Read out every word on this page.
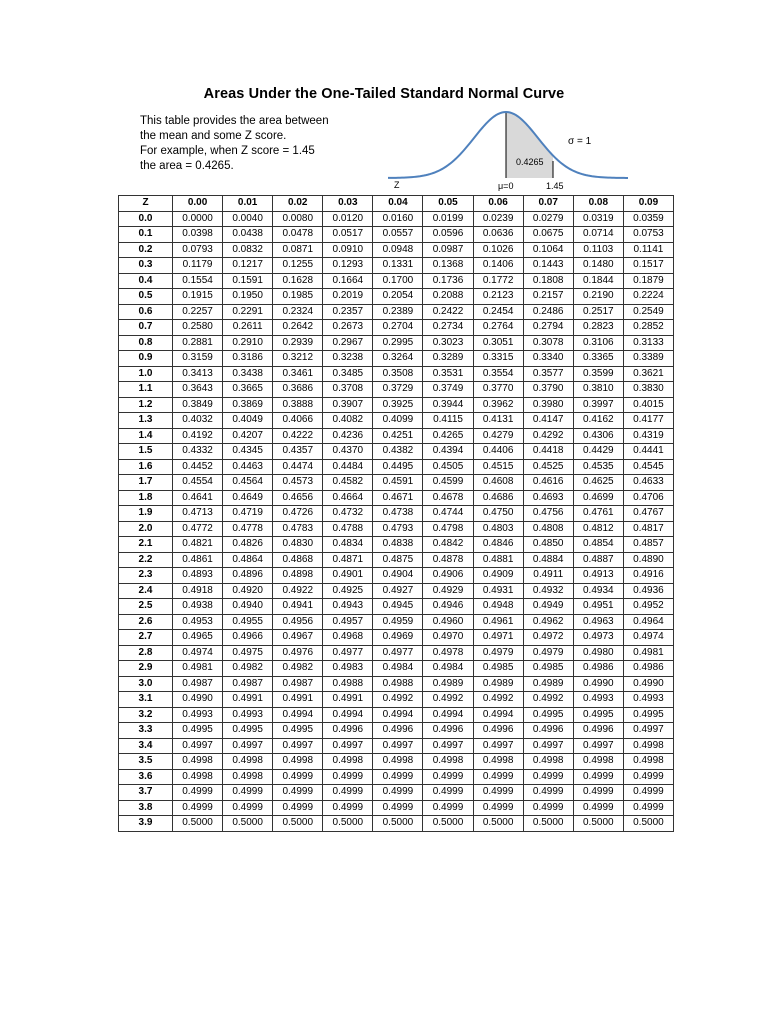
Areas Under the One-Tailed Standard Normal Curve
This table provides the area between
the mean and some Z score.
For example, when Z score = 1.45
the area = 0.4265.	0.4265
σ = 1
Z	μ=0	1.45
Z	0.00	0.01	0.02	0.03	0.04	0.05	0.06	0.07	0.08	0.09
0.0	0.0000	0.0040	0.0080	0.0120	0.0160	0.0199	0.0239	0.0279	0.0319	0.0359
0.1	0.0398	0.0438	0.0478	0.0517	0.0557	0.0596	0.0636	0.0675	0.0714	0.0753
0.2	0.0793	0.0832	0.0871	0.0910	0.0948	0.0987	0.1026	0.1064	0.1103	0.1141
0.3	0.1179	0.1217	0.1255	0.1293	0.1331	0.1368	0.1406	0.1443	0.1480	0.1517
0.4	0.1554	0.1591	0.1628	0.1664	0.1700	0.1736	0.1772	0.1808	0.1844	0.1879
0.5	0.1915	0.1950	0.1985	0.2019	0.2054	0.2088	0.2123	0.2157	0.2190	0.2224
0.6	0.2257	0.2291	0.2324	0.2357	0.2389	0.2422	0.2454	0.2486	0.2517	0.2549
0.7	0.2580	0.2611	0.2642	0.2673	0.2704	0.2734	0.2764	0.2794	0.2823	0.2852
0.8	0.2881	0.2910	0.2939	0.2967	0.2995	0.3023	0.3051	0.3078	0.3106	0.3133
0.9	0.3159	0.3186	0.3212	0.3238	0.3264	0.3289	0.3315	0.3340	0.3365	0.3389
1.0	0.3413	0.3438	0.3461	0.3485	0.3508	0.3531	0.3554	0.3577	0.3599	0.3621
1.1	0.3643	0.3665	0.3686	0.3708	0.3729	0.3749	0.3770	0.3790	0.3810	0.3830
1.2	0.3849	0.3869	0.3888	0.3907	0.3925	0.3944	0.3962	0.3980	0.3997	0.4015
1.3	0.4032	0.4049	0.4066	0.4082	0.4099	0.4115	0.4131	0.4147	0.4162	0.4177
1.4	0.4192	0.4207	0.4222	0.4236	0.4251	0.4265	0.4279	0.4292	0.4306	0.4319
1.5	0.4332	0.4345	0.4357	0.4370	0.4382	0.4394	0.4406	0.4418	0.4429	0.4441
1.6	0.4452	0.4463	0.4474	0.4484	0.4495	0.4505	0.4515	0.4525	0.4535	0.4545
1.7	0.4554	0.4564	0.4573	0.4582	0.4591	0.4599	0.4608	0.4616	0.4625	0.4633
1.8	0.4641	0.4649	0.4656	0.4664	0.4671	0.4678	0.4686	0.4693	0.4699	0.4706
1.9	0.4713	0.4719	0.4726	0.4732	0.4738	0.4744	0.4750	0.4756	0.4761	0.4767
2.0	0.4772	0.4778	0.4783	0.4788	0.4793	0.4798	0.4803	0.4808	0.4812	0.4817
2.1	0.4821	0.4826	0.4830	0.4834	0.4838	0.4842	0.4846	0.4850	0.4854	0.4857
2.2	0.4861	0.4864	0.4868	0.4871	0.4875	0.4878	0.4881	0.4884	0.4887	0.4890
2.3	0.4893	0.4896	0.4898	0.4901	0.4904	0.4906	0.4909	0.4911	0.4913	0.4916
2.4	0.4918	0.4920	0.4922	0.4925	0.4927	0.4929	0.4931	0.4932	0.4934	0.4936
2.5	0.4938	0.4940	0.4941	0.4943	0.4945	0.4946	0.4948	0.4949	0.4951	0.4952
2.6	0.4953	0.4955	0.4956	0.4957	0.4959	0.4960	0.4961	0.4962	0.4963	0.4964
2.7	0.4965	0.4966	0.4967	0.4968	0.4969	0.4970	0.4971	0.4972	0.4973	0.4974
2.8	0.4974	0.4975	0.4976	0.4977	0.4977	0.4978	0.4979	0.4979	0.4980	0.4981
2.9	0.4981	0.4982	0.4982	0.4983	0.4984	0.4984	0.4985	0.4985	0.4986	0.4986
3.0	0.4987	0.4987	0.4987	0.4988	0.4988	0.4989	0.4989	0.4989	0.4990	0.4990
3.1	0.4990	0.4991	0.4991	0.4991	0.4992	0.4992	0.4992	0.4992	0.4993	0.4993
3.2	0.4993	0.4993	0.4994	0.4994	0.4994	0.4994	0.4994	0.4995	0.4995	0.4995
3.3	0.4995	0.4995	0.4995	0.4996	0.4996	0.4996	0.4996	0.4996	0.4996	0.4997
3.4	0.4997	0.4997	0.4997	0.4997	0.4997	0.4997	0.4997	0.4997	0.4997	0.4998
3.5	0.4998	0.4998	0.4998	0.4998	0.4998	0.4998	0.4998	0.4998	0.4998	0.4998
3.6	0.4998	0.4998	0.4999	0.4999	0.4999	0.4999	0.4999	0.4999	0.4999	0.4999
3.7	0.4999	0.4999	0.4999	0.4999	0.4999	0.4999	0.4999	0.4999	0.4999	0.4999
3.8	0.4999	0.4999	0.4999	0.4999	0.4999	0.4999	0.4999	0.4999	0.4999	0.4999
3.9	0.5000	0.5000	0.5000	0.5000	0.5000	0.5000	0.5000	0.5000	0.5000	0.5000
